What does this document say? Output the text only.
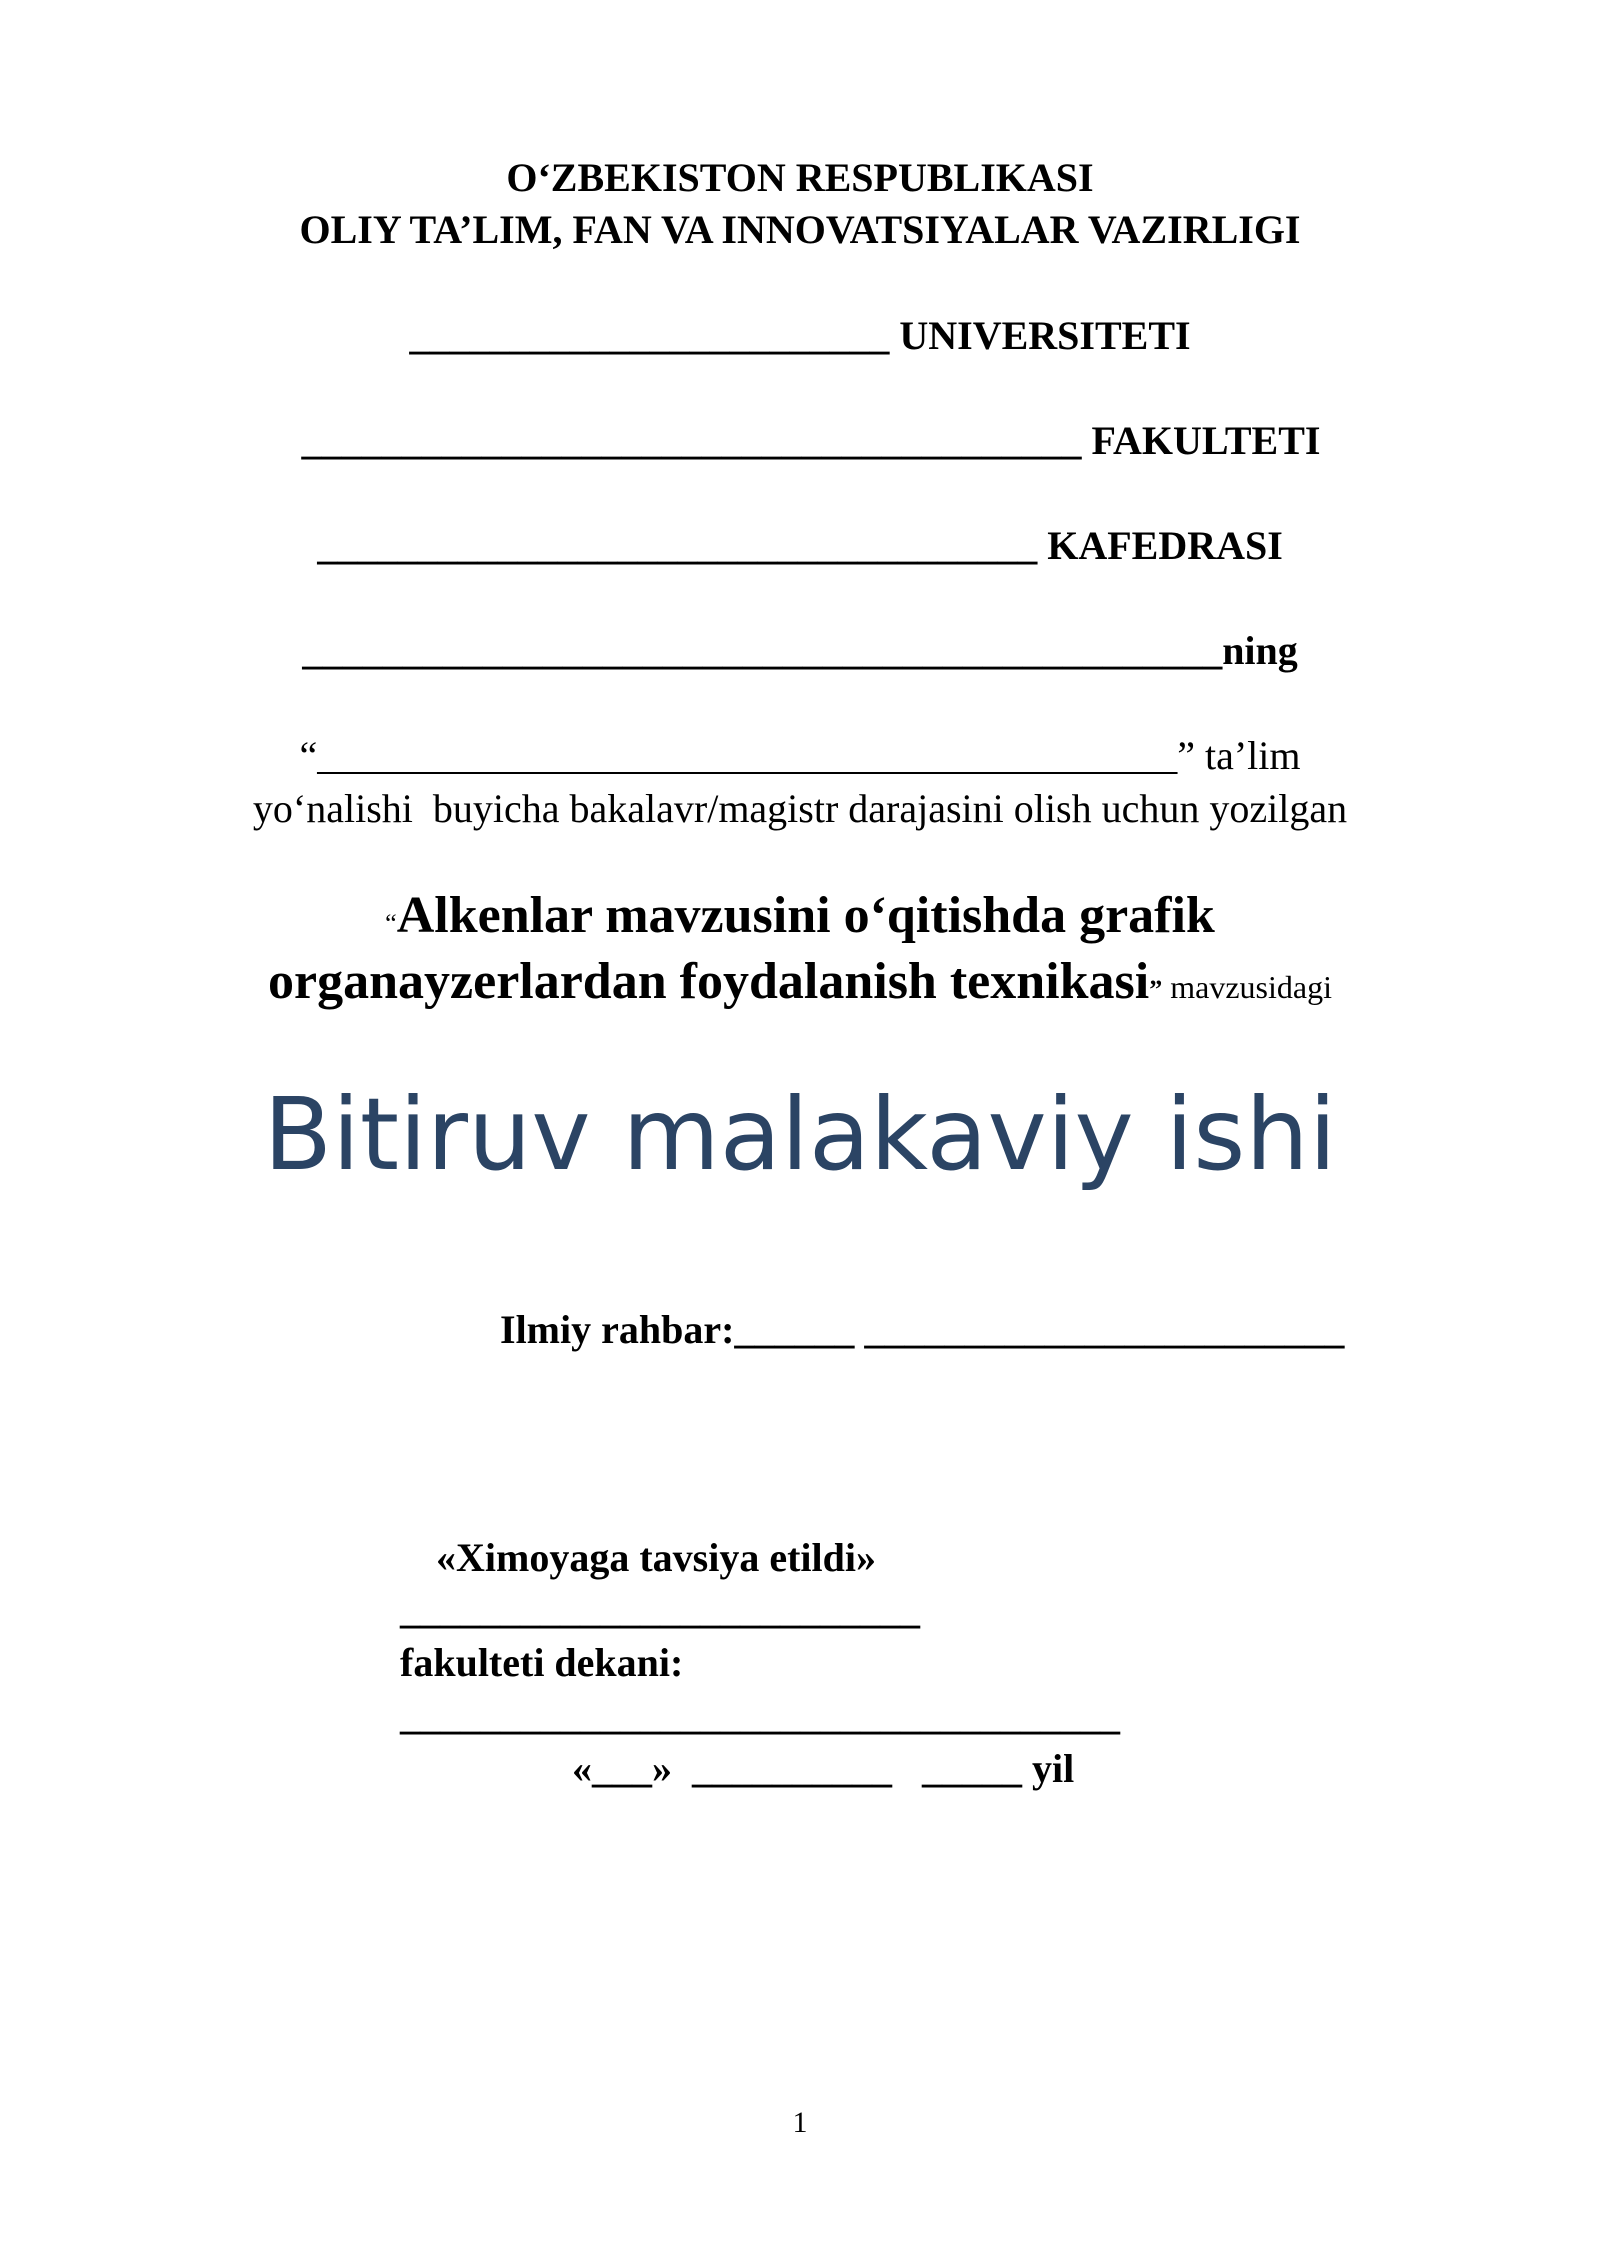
O‘ZBEKISTON RESPUBLIKASI
OLIY TA’LIM, FAN VA INNOVATSIYALAR VAZIRLIGI
________________________ UNIVERSITETI
_______________________________________ FAKULTETI
____________________________________ KAFEDRASI
______________________________________________ning
“___________________________________________” ta’lim
yo‘nalishi  buyicha bakalavr/magistr darajasini olish uchun yozilgan
“Alkenlar mavzusini o‘qitishda grafik
organayzerlardan foydalanish texnikasi” mavzusidagi
Bitiruv malakaviy ishi
Ilmiy rahbar:______ ________________________
«Ximoyaga tavsiya etildi»
__________________________
fakulteti dekani:
____________________________________
«___»  __________   _____ yil
1
